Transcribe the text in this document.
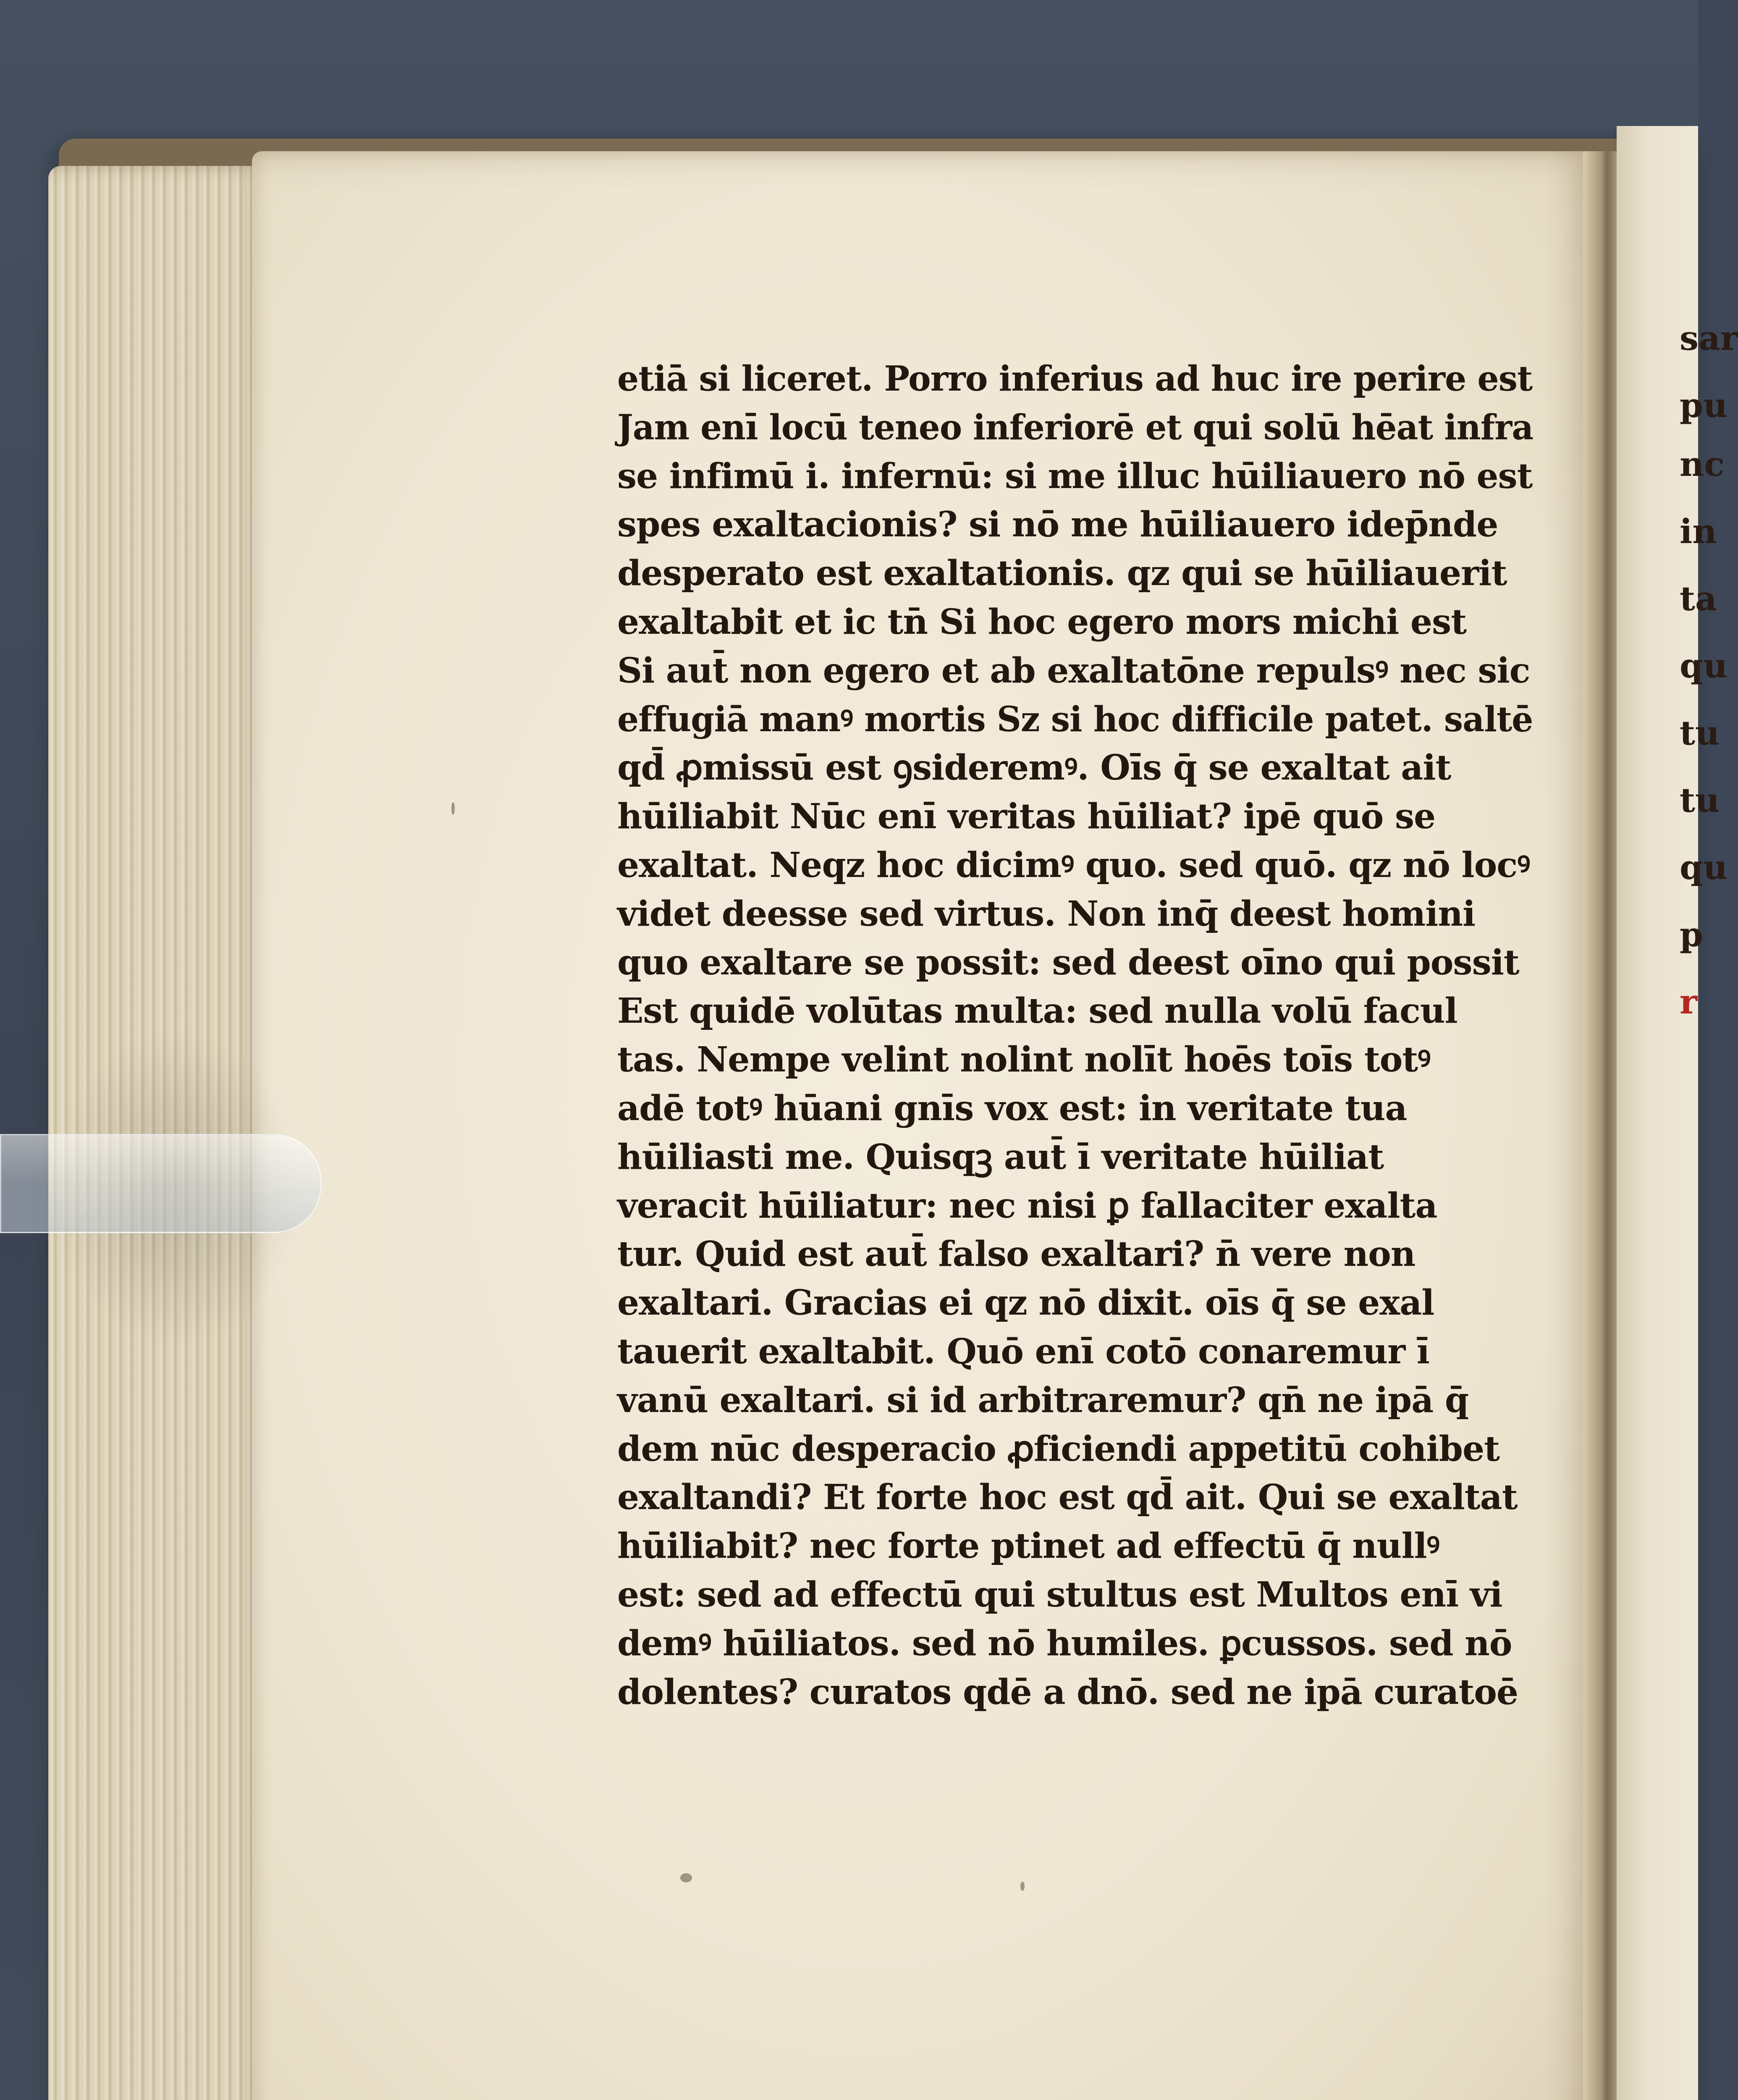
sar
pu
nc
in
ta
qu
tu
tu
qu
p
r
etiā si liceret. Porro inferius ad huc ire perire est
Jam enī locū teneo inferiorē et qui solū hēat infra
se infimū i. infernū: si me illuc hūiliauero nō est
spes exaltacionis? si nō me hūiliauero idep̄nde
desperato est exaltationis. qz qui se hūiliauerit
exaltabit et ic tn̄ Si hoc egero mors michi est
Si aut̄ non egero et ab exaltatōne repulsꝰ nec sic
effugiā manꝰ mortis Sz si hoc difficile patet. saltē
qd̄ ꝓmissū est ꝯsideremꝰ. Oīs q̄ se exaltat ait
hūiliabit Nūc enī veritas hūiliat? ipē quō se
exaltat. Neqz hoc dicimꝰ quo. sed quō. qz nō locꝰ
videt deesse sed virtus. Non inq̄ deest homini
quo exaltare se possit: sed deest oīno qui possit
Est quidē volūtas multa: sed nulla volū facul
tas. Nempe velint nolint nolīt hoēs toīs totꝰ
adē totꝰ hūani gnīs vox est: in veritate tua
hūiliasti me. Quisqꝫ aut̄ ī veritate hūiliat
veracit hūiliatur: nec nisi ꝑ fallaciter exalta
tur. Quid est aut̄ falso exaltari? n̄ vere non
exaltari. Gracias ei qz nō dixit. oīs q̄ se exal
tauerit exaltabit. Quō enī cotō conaremur ī
vanū exaltari. si id arbitraremur? qn̄ ne ipā q̄
dem nūc desperacio ꝓficiendi appetitū cohibet
exaltandi? Et forte hoc est qd̄ ait. Qui se exaltat
hūiliabit? nec forte ptinet ad effectū q̄ nullꝰ
est: sed ad effectū qui stultus est Multos enī vi
demꝰ hūiliatos. sed nō humiles. ꝑcussos. sed nō
dolentes? curatos qdē a dnō. sed ne ipā curatoē
